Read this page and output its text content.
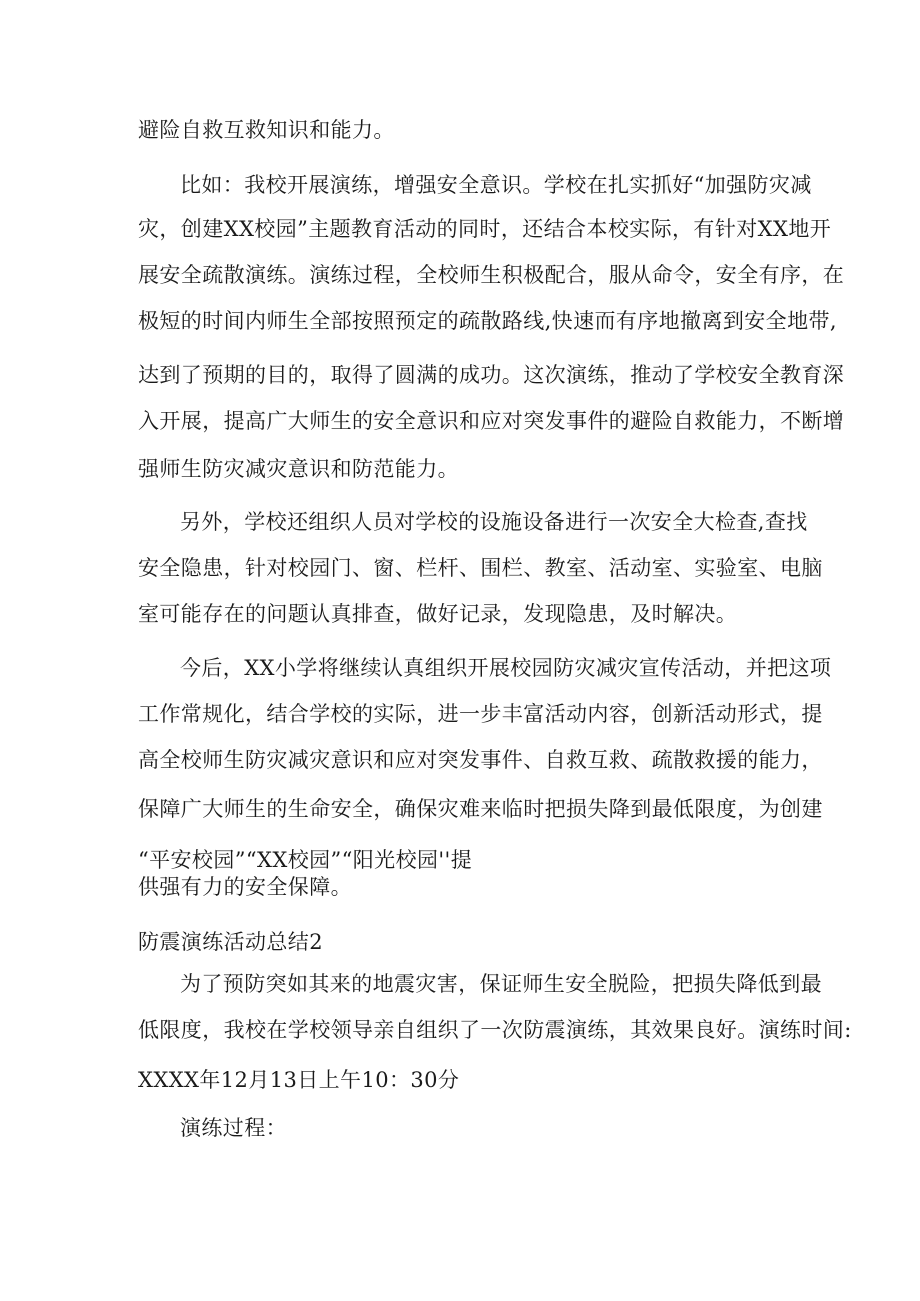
避险自救互救知识和能力。
比如：我校开展演练，增强安全意识。学校在扎实抓好“加强防灾减
灾，创建XX校园”主题教育活动的同时，还结合本校实际，有针对XX地开
展安全疏散演练。演练过程，全校师生积极配合，服从命令，安全有序，在
极短的时间内师生全部按照预定的疏散路线,快速而有序地撤离到安全地带,
达到了预期的目的，取得了圆满的成功。这次演练，推动了学校安全教育深
入开展，提高广大师生的安全意识和应对突发事件的避险自救能力，不断增
强师生防灾减灾意识和防范能力。
另外，学校还组织人员对学校的设施设备进行一次安全大检查,查找
安全隐患，针对校园门、窗、栏杆、围栏、教室、活动室、实验室、电脑
室可能存在的问题认真排查，做好记录，发现隐患，及时解决。
今后，XX小学将继续认真组织开展校园防灾减灾宣传活动，并把这项
工作常规化，结合学校的实际，进一步丰富活动内容，创新活动形式，提
高全校师生防灾减灾意识和应对突发事件、自救互救、疏散救援的能力，
保障广大师生的生命安全，确保灾难来临时把损失降到最低限度，为创建
“平安校园”“XX校园”“阳光校园''提
供强有力的安全保障。
防震演练活动总结2
为了预防突如其来的地震灾害，保证师生安全脱险，把损失降低到最
低限度，我校在学校领导亲自组织了一次防震演练，其效果良好。演练时间:
XXXX年12月13日上午10：30分
演练过程：
